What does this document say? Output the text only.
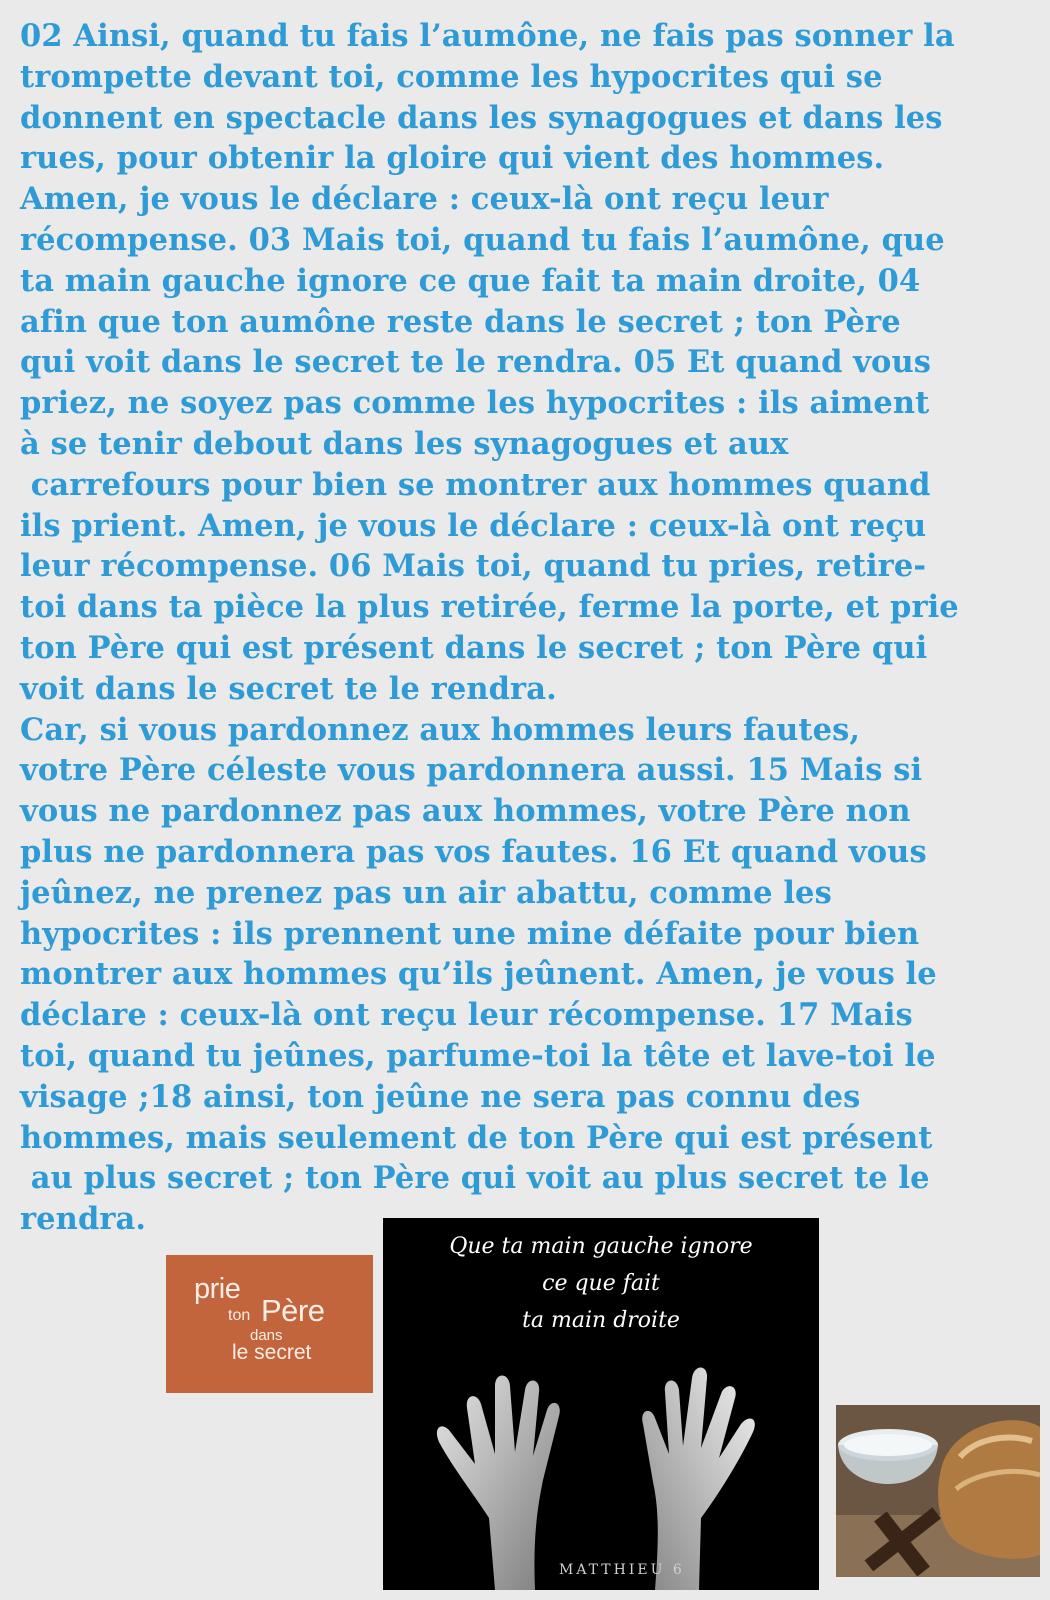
02 Ainsi, quand tu fais l’aumône, ne fais pas sonner la
trompette devant toi, comme les hypocrites qui se
donnent en spectacle dans les synagogues et dans les
rues, pour obtenir la gloire qui vient des hommes.
Amen, je vous le déclare : ceux-là ont reçu leur
récompense. 03 Mais toi, quand tu fais l’aumône, que
ta main gauche ignore ce que fait ta main droite, 04
afin que ton aumône reste dans le secret ; ton Père
qui voit dans le secret te le rendra. 05 Et quand vous
priez, ne soyez pas comme les hypocrites : ils aiment
à se tenir debout dans les synagogues et aux
carrefours pour bien se montrer aux hommes quand
ils prient. Amen, je vous le déclare : ceux-là ont reçu
leur récompense. 06 Mais toi, quand tu pries, retire-
toi dans ta pièce la plus retirée, ferme la porte, et prie
ton Père qui est présent dans le secret ; ton Père qui
voit dans le secret te le rendra.
Car, si vous pardonnez aux hommes leurs fautes,
votre Père céleste vous pardonnera aussi. 15 Mais si
vous ne pardonnez pas aux hommes, votre Père non
plus ne pardonnera pas vos fautes. 16 Et quand vous
jeûnez, ne prenez pas un air abattu, comme les
hypocrites : ils prennent une mine défaite pour bien
montrer aux hommes qu’ils jeûnent. Amen, je vous le
déclare : ceux-là ont reçu leur récompense. 17 Mais
toi, quand tu jeûnes, parfume-toi la tête et lave-toi le
visage ;18 ainsi, ton jeûne ne sera pas connu des
hommes, mais seulement de ton Père qui est présent
au plus secret ; ton Père qui voit au plus secret te le
rendra.
prie
ton Père
dans
le secret
Que ta main gauche ignore
ce que fait
ta main droite
MATTHIEU 6
